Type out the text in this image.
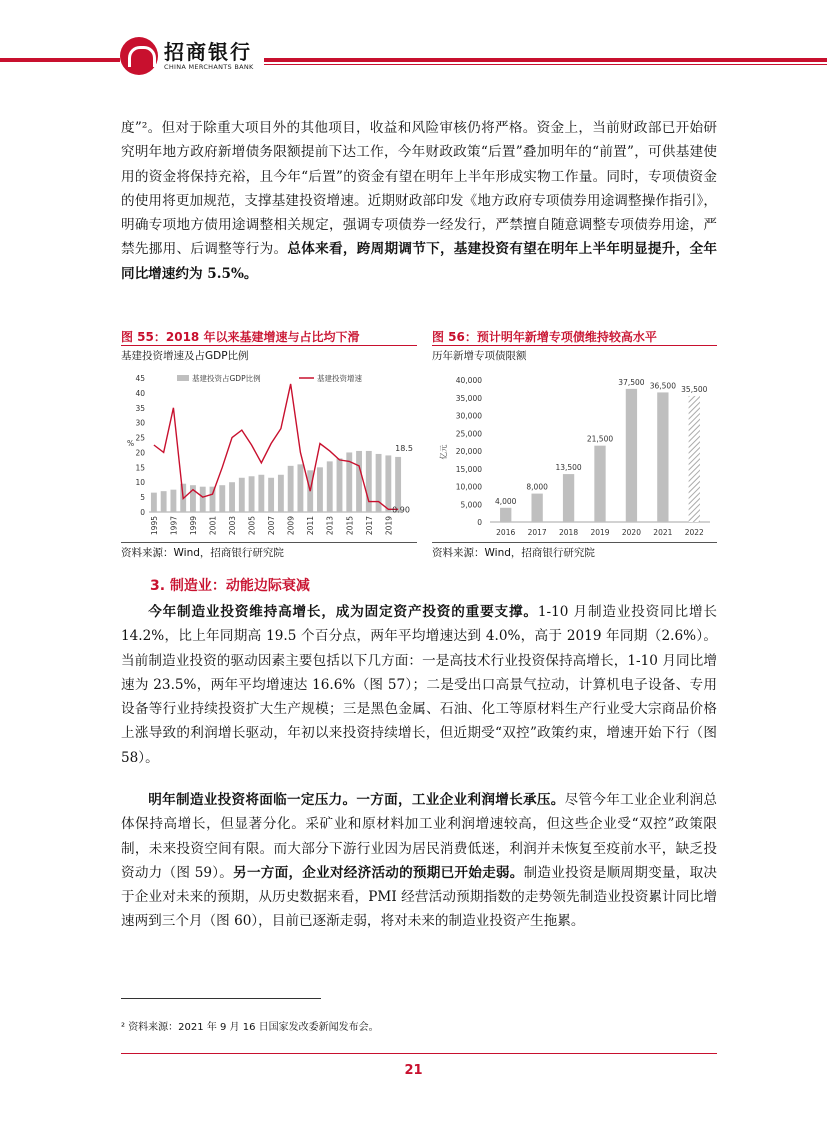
招商银行
CHINA MERCHANTS BANK
度”²。但对于除重大项目外的其他项目，收益和风险审核仍将严格。资金上，当前财政部已开始研究明年地方政府新增债务限额提前下达工作，今年财政政策“后置”叠加明年的“前置”，可供基建使用的资金将保持充裕，且今年“后置”的资金有望在明年上半年形成实物工作量。同时，专项债资金的使用将更加规范，支撑基建投资增速。近期财政部印发《地方政府专项债券用途调整操作指引》，明确专项地方债用途调整相关规定，强调专项债券一经发行，严禁擅自随意调整专项债券用途，严禁先挪用、后调整等行为。总体来看，跨周期调节下，基建投资有望在明年上半年明显提升，全年同比增速约为 5.5%。
图 55：2018 年以来基建增速与占比均下滑
基建投资增速及占GDP比例
0
5
10
15
20
25
30
35
40
45
%
1995 1997 1999 2001 2003 2005 2007 2009 2011 2013 2015 2017 2019
18.5
0.90
基建投资占GDP比例	基建投资增速
资料来源：Wind，招商银行研究院
图 56：预计明年新增专项债维持较高水平
历年新增专项债限额
0
5,000
10,000
15,000
20,000
25,000
30,000
35,000
40,000
亿元
4,000
2016
8,000
2017
13,500
2018
21,500
2019
37,500
2020
36,500
2021
35,500
2022
资料来源：Wind，招商银行研究院
3. 制造业：动能边际衰减
今年制造业投资维持高增长，成为固定资产投资的重要支撑。1-10 月制造业投资同比增长 14.2%，比上年同期高 19.5 个百分点，两年平均增速达到 4.0%，高于 2019 年同期（2.6%）。当前制造业投资的驱动因素主要包括以下几方面：一是高技术行业投资保持高增长，1-10 月同比增速为 23.5%，两年平均增速达 16.6%（图 57）；二是受出口高景气拉动，计算机电子设备、专用设备等行业持续投资扩大生产规模；三是黑色金属、石油、化工等原材料生产行业受大宗商品价格上涨导致的利润增长驱动，年初以来投资持续增长，但近期受“双控”政策约束，增速开始下行（图 58）。
明年制造业投资将面临一定压力。一方面，工业企业利润增长承压。尽管今年工业企业利润总体保持高增长，但显著分化。采矿业和原材料加工业利润增速较高，但这些企业受“双控”政策限制，未来投资空间有限。而大部分下游行业因为居民消费低迷，利润并未恢复至疫前水平，缺乏投资动力（图 59）。另一方面，企业对经济活动的预期已开始走弱。制造业投资是顺周期变量，取决于企业对未来的预期，从历史数据来看，PMI 经营活动预期指数的走势领先制造业投资累计同比增速两到三个月（图 60），目前已逐渐走弱，将对未来的制造业投资产生拖累。
² 资料来源：2021 年 9 月 16 日国家发改委新闻发布会。
21
